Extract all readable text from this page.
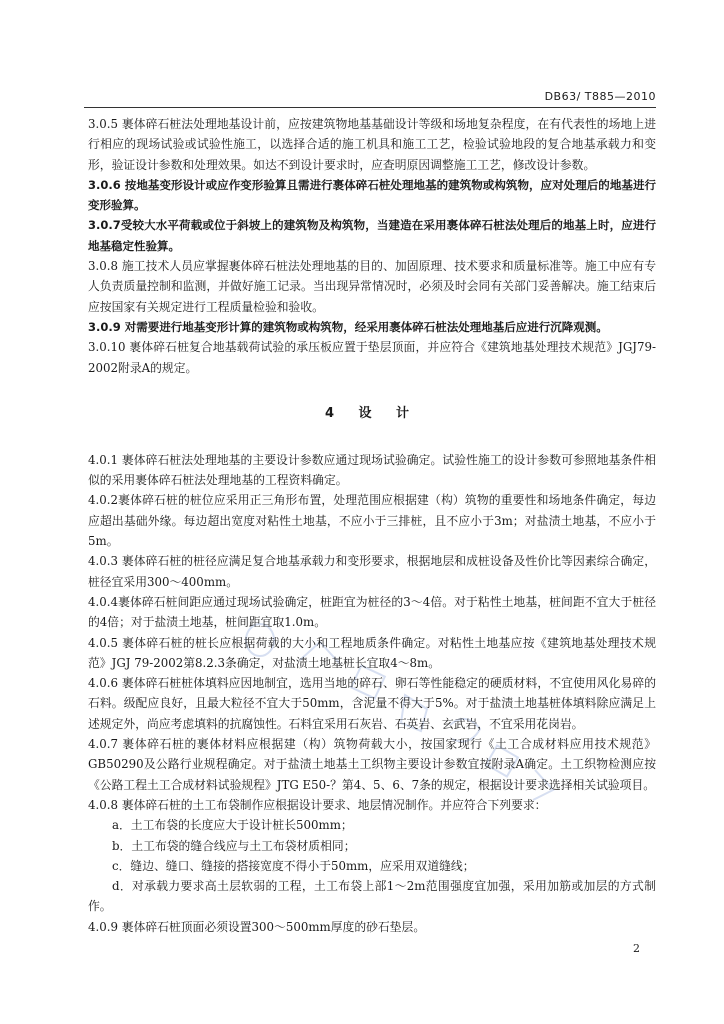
DB63/ T885—2010

3.0.5 裹体碎石桩法处理地基设计前，应按建筑物地基基础设计等级和场地复杂程度，在有代表性的场地上进行相应的现场试验或试验性施工，以选择合适的施工机具和施工工艺，检验试验地段的复合地基承载力和变形，验证设计参数和处理效果。如达不到设计要求时，应查明原因调整施工工艺，修改设计参数。

3.0.6 按地基变形设计或应作变形验算且需进行裹体碎石桩处理地基的建筑物或构筑物，应对处理后的地基进行变形验算。

3.0.7受较大水平荷载或位于斜坡上的建筑物及构筑物，当建造在采用裹体碎石桩法处理后的地基上时，应进行地基稳定性验算。

3.0.8 施工技术人员应掌握裹体碎石桩法处理地基的目的、加固原理、技术要求和质量标准等。施工中应有专人负责质量控制和监测，并做好施工记录。当出现异常情况时，必须及时会同有关部门妥善解决。施工结束后应按国家有关规定进行工程质量检验和验收。

3.0.9 对需要进行地基变形计算的建筑物或构筑物，经采用裹体碎石桩法处理地基后应进行沉降观测。

3.0.10 裹体碎石桩复合地基载荷试验的承压板应置于垫层顶面，并应符合《建筑地基处理技术规范》JGJ79-2002附录A的规定。

4 设 计

4.0.1 裹体碎石桩法处理地基的主要设计参数应通过现场试验确定。试验性施工的设计参数可参照地基条件相似的采用裹体碎石桩法处理地基的工程资料确定。

4.0.2裹体碎石桩的桩位应采用正三角形布置，处理范围应根据建（构）筑物的重要性和场地条件确定，每边应超出基础外缘。每边超出宽度对粘性土地基，不应小于三排桩，且不应小于3m；对盐渍土地基，不应小于5m。

4.0.3 裹体碎石桩的桩径应满足复合地基承载力和变形要求，根据地层和成桩设备及性价比等因素综合确定，桩径宜采用300～400mm。

4.0.4裹体碎石桩间距应通过现场试验确定，桩距宜为桩径的3～4倍。对于粘性土地基，桩间距不宜大于桩径的4倍；对于盐渍土地基，桩间距宜取1.0m。

4.0.5 裹体碎石桩的桩长应根据荷载的大小和工程地质条件确定。对粘性土地基应按《建筑地基处理技术规范》JGJ 79-2002第8.2.3条确定，对盐渍土地基桩长宜取4～8m。

4.0.6 裹体碎石桩桩体填料应因地制宜，选用当地的碎石、卵石等性能稳定的硬质材料，不宜使用风化易碎的石料。级配应良好，且最大粒径不宜大于50mm，含泥量不得大于5%。对于盐渍土地基桩体填料除应满足上述规定外，尚应考虑填料的抗腐蚀性。石料宜采用石灰岩、石英岩、玄武岩，不宜采用花岗岩。

4.0.7 裹体碎石桩的裹体材料应根据建（构）筑物荷载大小，按国家现行《土工合成材料应用技术规范》GB50290及公路行业规程确定。对于盐渍土地基土工织物主要设计参数宜按附录A确定。土工织物检测应按《公路工程土工合成材料试验规程》JTG E50-？第4、5、6、7条的规定，根据设计要求选择相关试验项目。

4.0.8 裹体碎石桩的土工布袋制作应根据设计要求、地层情况制作。并应符合下列要求：

a．土工布袋的长度应大于设计桩长500mm；

b．土工布袋的缝合线应与土工布袋材质相同；

c．缝边、缝口、缝接的搭接宽度不得小于50mm，应采用双道缝线；

d．对承载力要求高土层软弱的工程，土工布袋上部1～2m范围强度宜加强，采用加筋或加层的方式制作。

4.0.9 裹体碎石桩顶面必须设置300～500mm厚度的砂石垫层。

2
